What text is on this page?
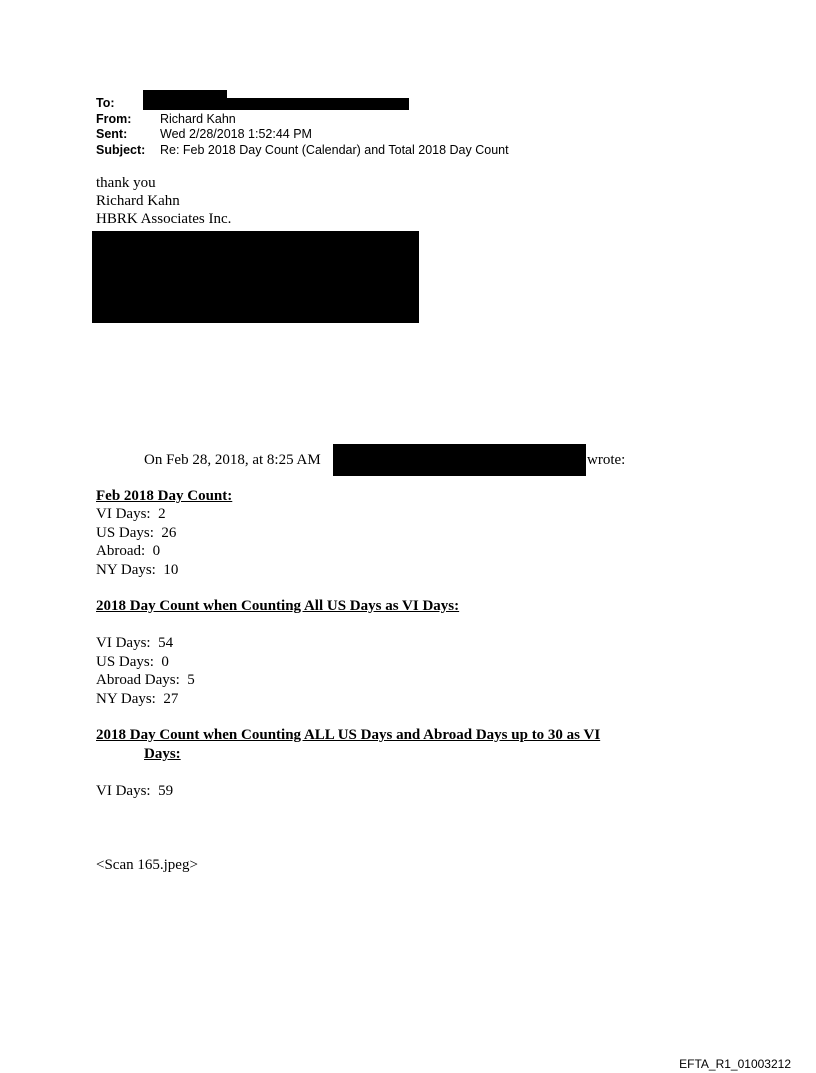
To:
From: Richard Kahn
Sent:	Wed 2/28/2018 1:52:44 PM
Subject: Re: Feb 2018 Day Count (Calendar) and Total 2018 Day Count
thank you
Richard Kahn
HBRK Associates Inc.
On Feb 28, 2018, at 8:25 AM	wrote:
Feb 2018 Day Count:
VI Days:  2
US Days:  26
Abroad:  0
NY Days:  10
2018 Day Count when Counting All US Days as VI Days:
VI Days:  54
US Days:  0
Abroad Days:  5
NY Days:  27
2018 Day Count when Counting ALL US Days and Abroad Days up to 30 as VI
Days:
VI Days:  59
<Scan 165.jpeg>
EFTA_R1_01003212
